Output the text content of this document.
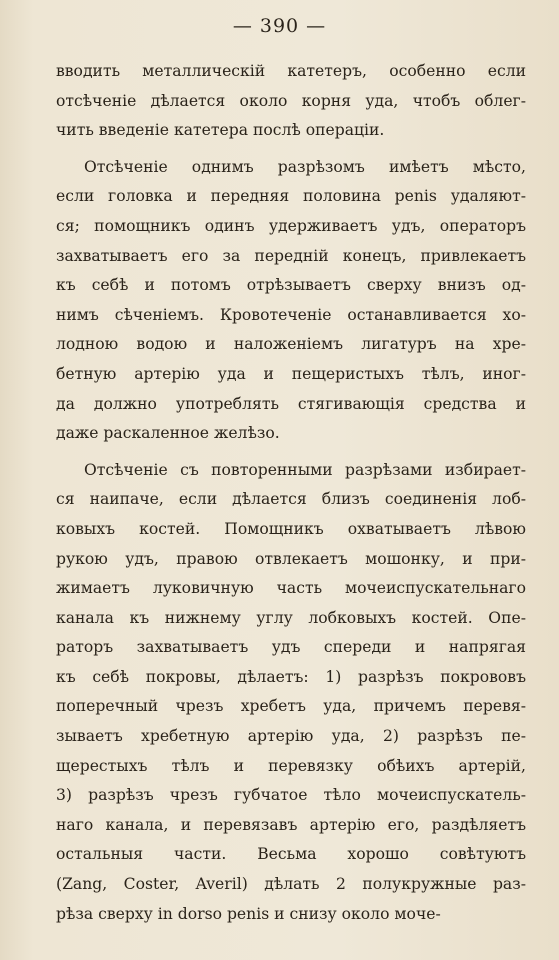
— 390 —
вводить металлическій катетеръ, особенно если
отсѣченіе дѣлается около корня уда, чтобъ облег-
чить введеніе катетера послѣ операціи.
Отсѣченіе однимъ разрѣзомъ имѣетъ мѣсто,
если головка и передняя половина penis удаляют-
ся; помощникъ одинъ удерживаетъ удъ, операторъ
захватываетъ его за передній конецъ, привлекаетъ
къ себѣ и потомъ отрѣзываетъ сверху внизъ од-
нимъ сѣченіемъ. Кровотеченіе останавливается хо-
лодною водою и наложеніемъ лигатуръ на хре-
бетную артерію уда и пещеристыхъ тѣлъ, иног-
да должно употреблять стягивающія средства и
даже раскаленное желѣзо.
Отсѣченіе съ повторенными разрѣзами избирает-
ся наипаче, если дѣлается близъ соединенія лоб-
ковыхъ костей. Помощникъ охватываетъ лѣвою
рукою удъ, правою отвлекаетъ мошонку, и при-
жимаетъ луковичную часть мочеиспускательнаго
канала къ нижнему углу лобковыхъ костей. Опе-
раторъ захватываетъ удъ спереди и напрягая
къ себѣ покровы, дѣлаетъ: 1) разрѣзъ покрововъ
поперечный чрезъ хребетъ уда, причемъ перевя-
зываетъ хребетную артерію уда, 2) разрѣзъ пе-
щерестыхъ тѣлъ и перевязку обѣихъ артерій,
3) разрѣзъ чрезъ губчатое тѣло мочеиспускатель-
наго канала, и перевязавъ артерію его, раздѣляетъ
остальныя части. Весьма хорошо совѣтуютъ
(Zang, Coster, Averil) дѣлать 2 полукружные раз-
рѣза сверху in dorso penis и снизу около моче-
